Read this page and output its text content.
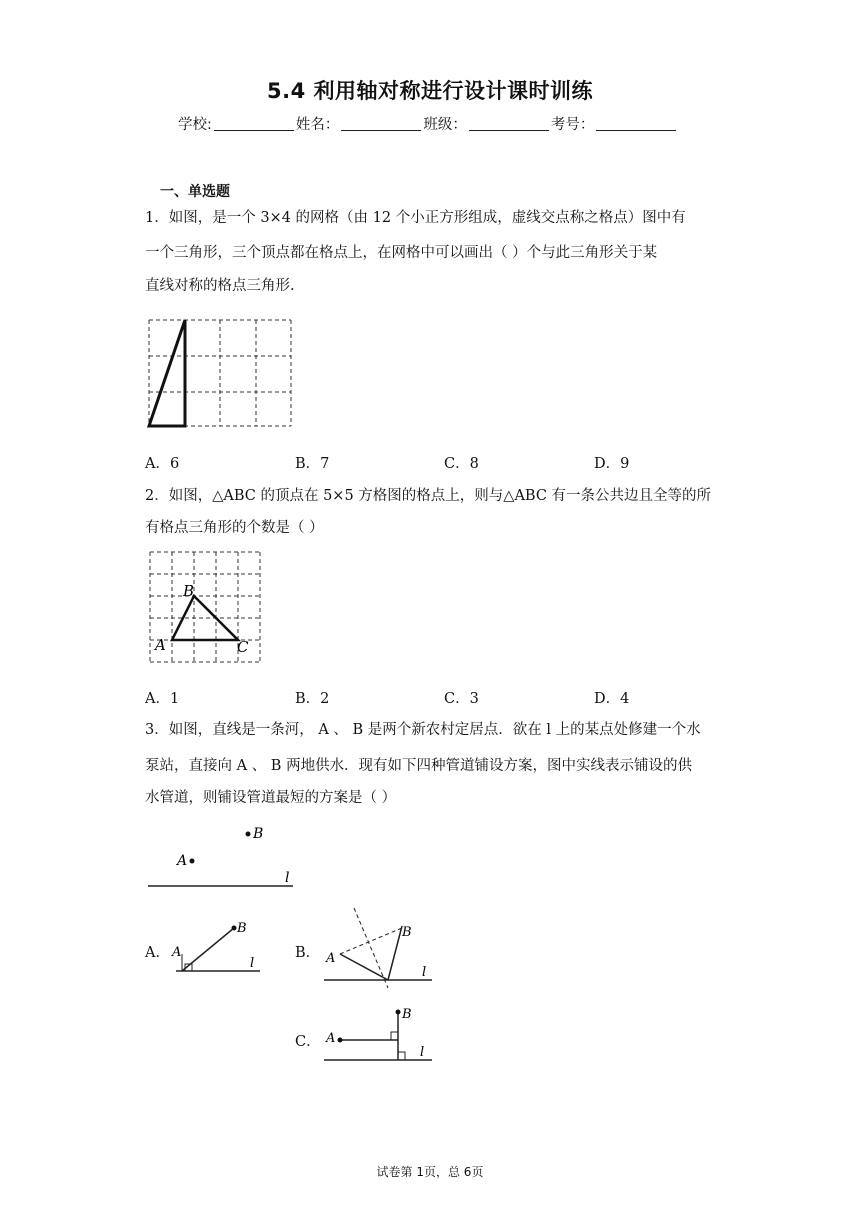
5.4 利用轴对称进行设计课时训练
学校:	姓名：	班级：	考号：
一、单选题
1．如图，是一个 3×4 的网格（由 12 个小正方形组成，虚线交点称之格点）图中有
一个三角形，三个顶点都在格点上，在网格中可以画出（ ）个与此三角形关于某
直线对称的格点三角形.
A．6	B．7	C．8	D．9
2．如图，△ABC 的顶点在 5×5 方格图的格点上，则与△ABC 有一条公共边且全等的所
有格点三角形的个数是（ ）
B
A	C
A．1	B．2	C．3	D．4
3．如图，直线是一条河， A 、 B 是两个新农村定居点．欲在 l 上的某点处修建一个水
泵站，直接向 A 、 B 两地供水．现有如下四种管道铺设方案，图中实线表示铺设的供
水管道，则铺设管道最短的方案是（ ）
B
A
l
A． A
B
l
B． A
B
l
C． A
B
l
试卷第 1页，总 6页
